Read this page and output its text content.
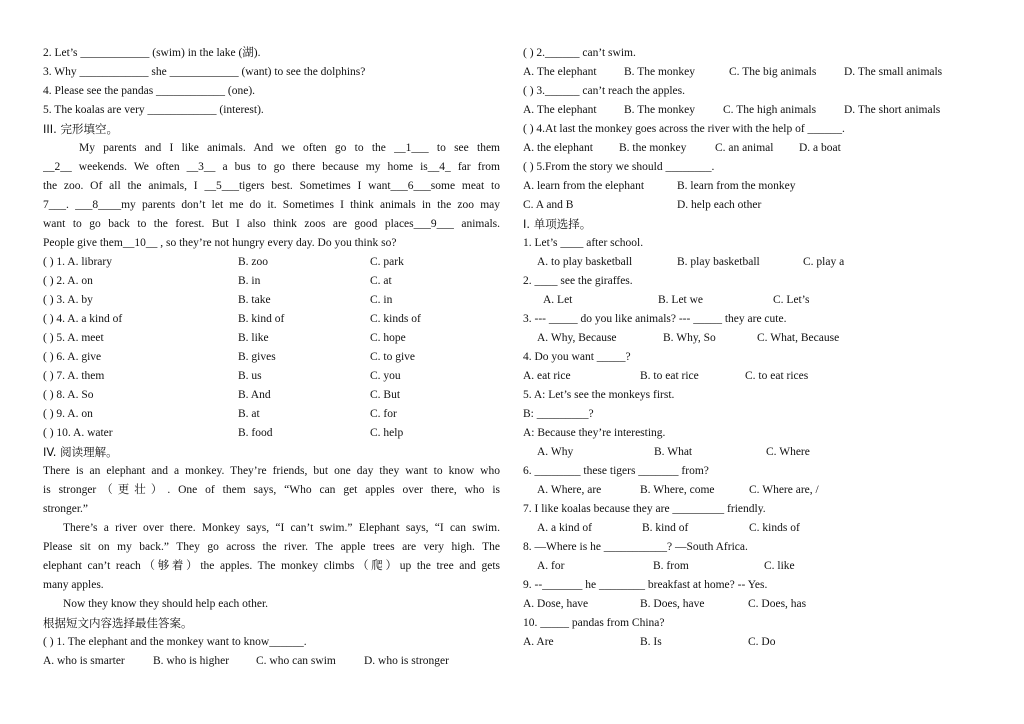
2. Let’s ____________ (swim) in the lake (湖).
3. Why ____________ she ____________ (want) to see the dolphins?
4. Please see the pandas ____________ (one).
5. The koalas are very ____________ (interest).
III. 完形填空。
My parents and I like animals. And we often go to the __1___ to see them
__2__ weekends. We often __3__ a bus to go there because my home is__4_ far from
the zoo. Of all the animals, I __5___tigers best. Sometimes I want___6___some meat to
7___. ___8____my parents don’t let me do it. Sometimes I think animals in the zoo may
want to go back to the forest. But I also think zoos are good places___9___ animals.
People give them__10__ , so they’re not hungry every day. Do you think so?
( ) 1. A. library	B. zoo	C. park
( ) 2. A. on	B. in	C. at
( ) 3. A. by	B. take	C. in
( ) 4. A. a kind of	B. kind of	C. kinds of
( ) 5. A. meet	B. like	C. hope
( ) 6. A. give	B. gives	C. to give
( ) 7. A. them	B. us	C. you
( ) 8. A. So	B. And	C. But
( ) 9. A. on	B. at	C. for
( ) 10. A. water	B. food	C. help
IV. 阅读理解。
There is an elephant and a monkey. They’re friends, but one day they want to know who
is stronger（更壮）. One of them says, “Who can get apples over there, who is
stronger.”
There’s a river over there. Monkey says, “I can’t swim.” Elephant says, “I can swim.
Please sit on my back.” They go across the river. The apple trees are very high. The
elephant can’t reach（够着）the apples. The monkey climbs（爬）up the tree and gets
many apples.
Now they know they should help each other.
根据短文内容选择最佳答案。
( ) 1. The elephant and the monkey want to know______.
A. who is smarter	B. who is higher	C. who can swim	D. who is stronger
( ) 2.______ can’t swim.
A. The elephant	B. The monkey	C. The big animals	D. The small animals
( ) 3.______ can’t reach the apples.
A. The elephant	B. The monkey	C. The high animals	D. The short animals
( ) 4.At last the monkey goes across the river with the help of ______.
A. the elephant	B. the monkey	C. an animal	D. a boat
( ) 5.From the story we should ________.
A. learn from the elephant	B. learn from the monkey
C. A and B	D. help each other
I. 单项选择。
1. Let’s ____ after school.
A. to play basketball	B. play basketball	C. play a
2. ____ see the giraffes.
A. Let	B. Let we	C. Let’s
3. --- _____ do you like animals? --- _____ they are cute.
A. Why, Because	B. Why, So	C. What, Because
4. Do you want _____?
A. eat rice	B. to eat rice	C. to eat rices
5. A: Let’s see the monkeys first.
B: _________?
A: Because they’re interesting.
A. Why	B. What	C. Where
6. ________ these tigers _______ from?
A. Where, are	B. Where, come	C. Where are, /
7. I like koalas because they are _________ friendly.
A. a kind of	B. kind of	C. kinds of
8. —Where is he ___________? —South Africa.
A. for	B. from	C. like
9. --_______ he ________ breakfast at home? -- Yes.
A. Dose, have	B. Does, have	C. Does, has
10. _____ pandas from China?
A. Are	B. Is	C. Do
